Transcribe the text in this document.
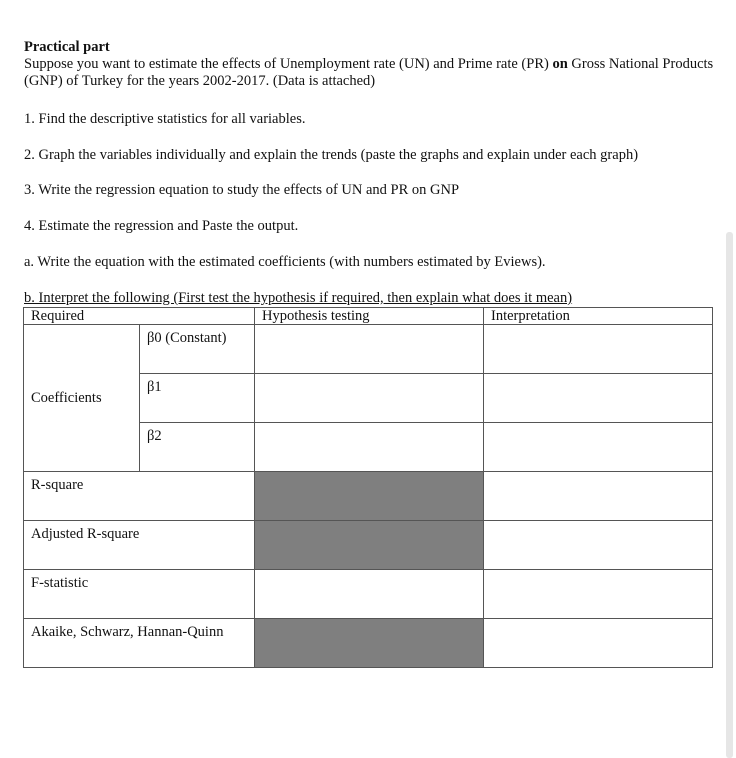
Practical part
Suppose you want to estimate the effects of Unemployment rate (UN) and Prime rate (PR) on Gross National Products (GNP) of Turkey for the years 2002-2017. (Data is attached)
1. Find the descriptive statistics for all variables.
2. Graph the variables individually and explain the trends (paste the graphs and explain under each graph)
3. Write the regression equation to study the effects of UN and PR on GNP
4. Estimate the regression and Paste the output.
a. Write the equation with the estimated coefficients (with numbers estimated by Eviews).
b. Interpret the following (First test the hypothesis if required, then explain what does it mean)
Required		Hypothesis testing	Interpretation
Coefficients	β0 (Constant)		

	β1		

	β2		

R-square			

Adjusted R-square			

F-statistic			

Akaike, Schwarz, Hannan-Quinn			
